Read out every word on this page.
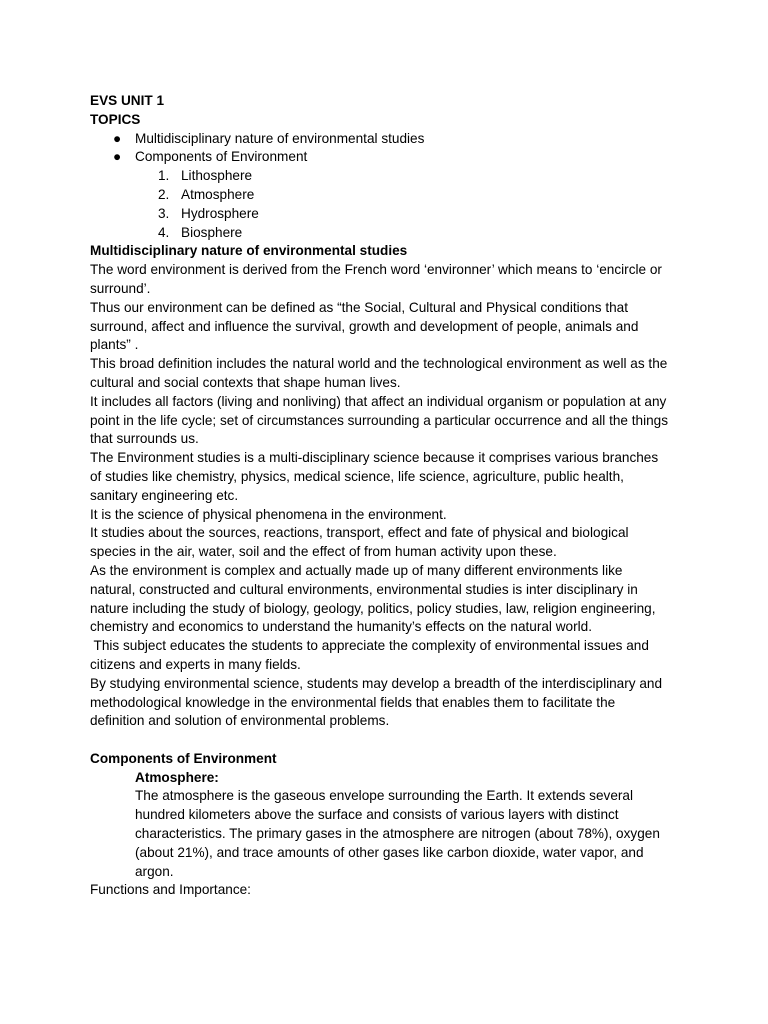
EVS UNIT 1
TOPICS
● Multidisciplinary nature of environmental studies
● Components of Environment
1. Lithosphere
2. Atmosphere
3. Hydrosphere
4. Biosphere
Multidisciplinary nature of environmental studies
The word environment is derived from the French word ‘environner’ which means to ‘encircle or
surround’.
Thus our environment can be defined as “the Social, Cultural and Physical conditions that
surround, affect and influence the survival, growth and development of people, animals and
plants” .
This broad definition includes the natural world and the technological environment as well as the
cultural and social contexts that shape human lives.
It includes all factors (living and nonliving) that affect an individual organism or population at any
point in the life cycle; set of circumstances surrounding a particular occurrence and all the things
that surrounds us.
The Environment studies is a multi-disciplinary science because it comprises various branches
of studies like chemistry, physics, medical science, life science, agriculture, public health,
sanitary engineering etc.
It is the science of physical phenomena in the environment.
It studies about the sources, reactions, transport, effect and fate of physical and biological
species in the air, water, soil and the effect of from human activity upon these.
As the environment is complex and actually made up of many different environments like
natural, constructed and cultural environments, environmental studies is inter disciplinary in
nature including the study of biology, geology, politics, policy studies, law, religion engineering,
chemistry and economics to understand the humanity’s effects on the natural world.
This subject educates the students to appreciate the complexity of environmental issues and
citizens and experts in many fields.
By studying environmental science, students may develop a breadth of the interdisciplinary and
methodological knowledge in the environmental fields that enables them to facilitate the
definition and solution of environmental problems.
Components of Environment
Atmosphere:
The atmosphere is the gaseous envelope surrounding the Earth. It extends several
hundred kilometers above the surface and consists of various layers with distinct
characteristics. The primary gases in the atmosphere are nitrogen (about 78%), oxygen
(about 21%), and trace amounts of other gases like carbon dioxide, water vapor, and
argon.
Functions and Importance:
